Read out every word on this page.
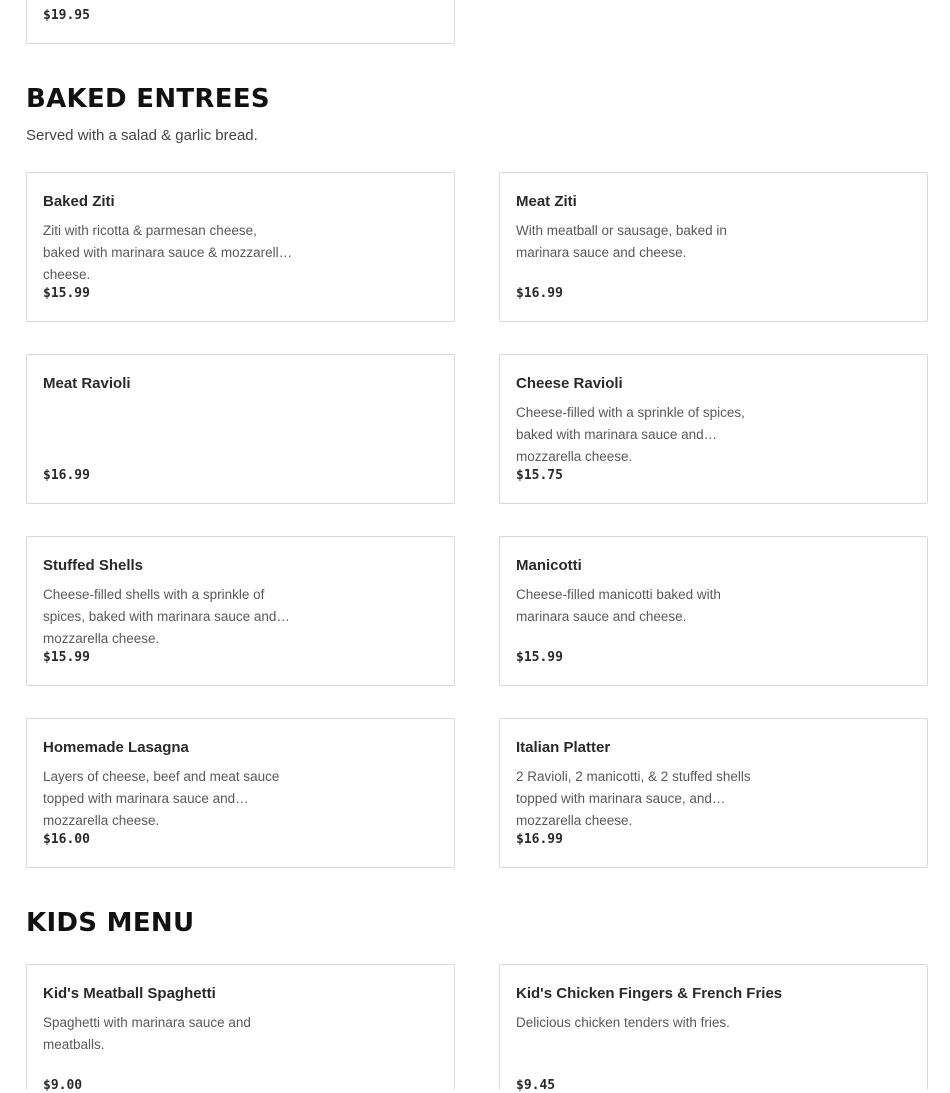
$19.95
BAKED ENTREES

Served with a salad & garlic bread.

Baked Ziti
Ziti with ricotta & parmesan cheese, baked with marinara sauce & mozzarella cheese.
$15.99
Meat Ziti
With meatball or sausage, baked in marinara sauce and cheese.
$16.99
Meat Ravioli
$16.99
Cheese Ravioli
Cheese-filled with a sprinkle of spices, baked with marinara sauce and mozzarella cheese.
$15.75
Stuffed Shells
Cheese-filled shells with a sprinkle of spices, baked with marinara sauce and mozzarella cheese.
$15.99
Manicotti
Cheese-filled manicotti baked with marinara sauce and cheese.
$15.99
Homemade Lasagna
Layers of cheese, beef and meat sauce topped with marinara sauce and mozzarella cheese.
$16.00
Italian Platter
2 Ravioli, 2 manicotti, & 2 stuffed shells topped with marinara sauce, and mozzarella cheese.
$16.99
KIDS MENU
Kid's Meatball Spaghetti
Spaghetti with marinara sauce and meatballs.
$9.00
Kid's Chicken Fingers & French Fries
Delicious chicken tenders with fries.
$9.45
